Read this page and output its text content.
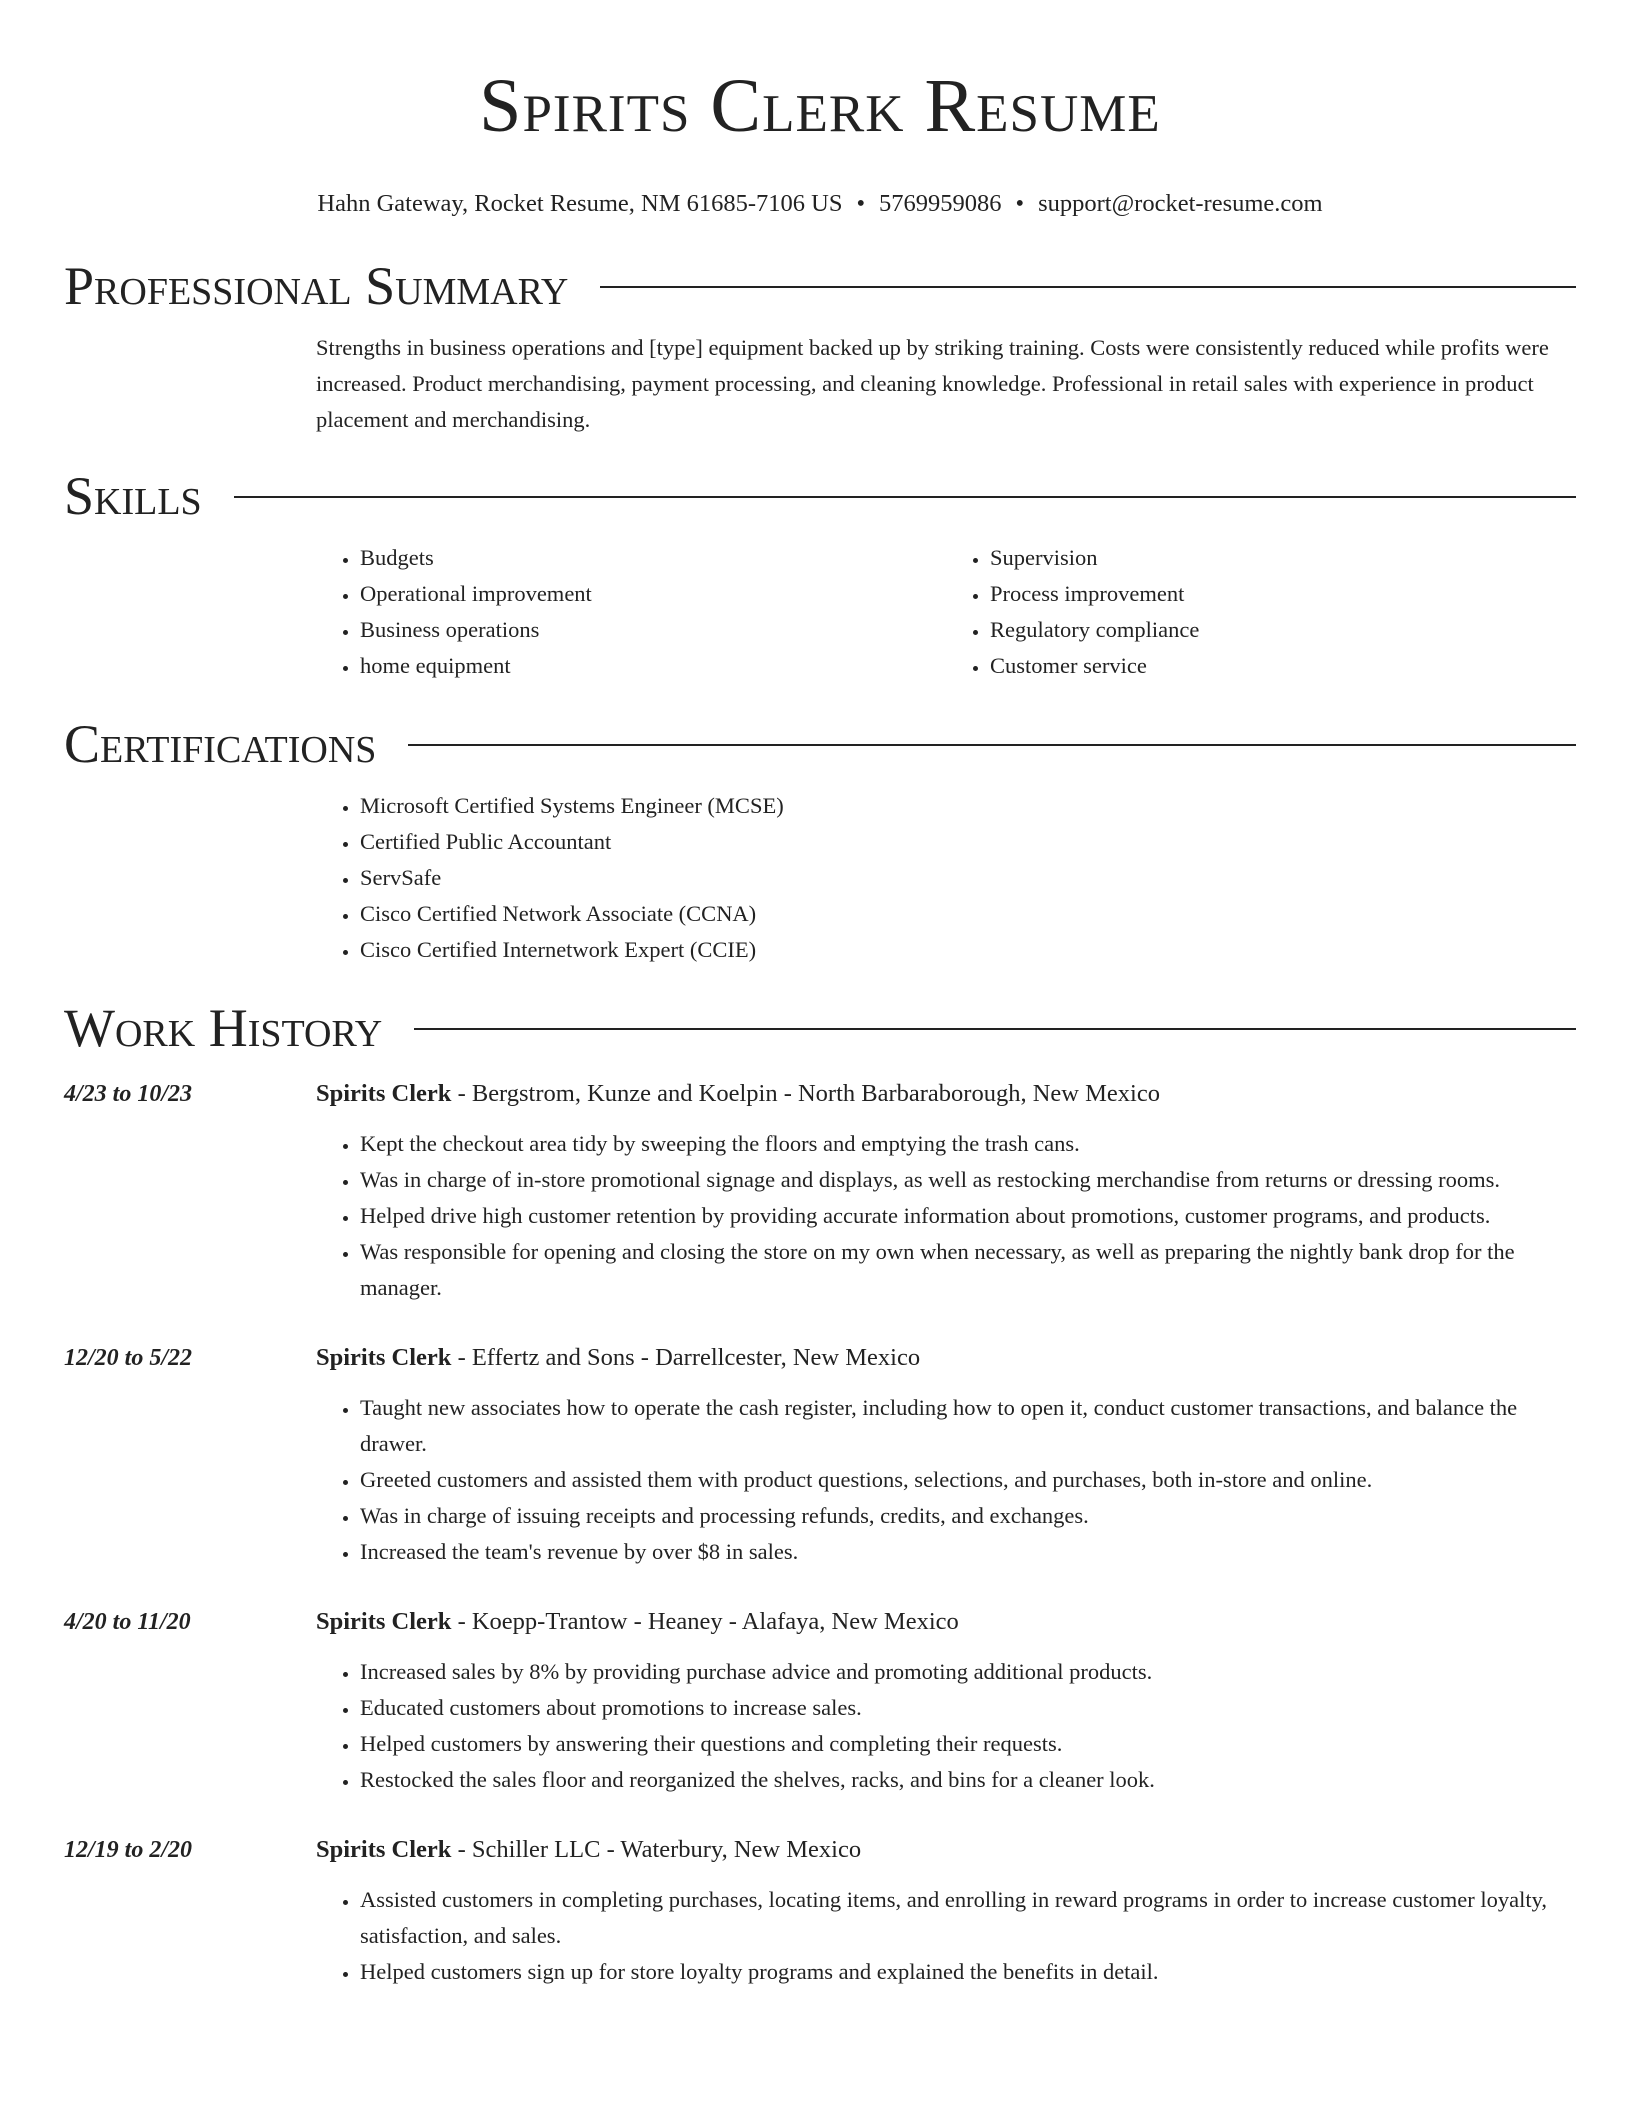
Spirits Clerk Resume
Hahn Gateway, Rocket Resume, NM 61685-7106 US • 5769959086 • support@rocket-resume.com
Professional Summary

Strengths in business operations and [type] equipment backed up by striking training. Costs were consistently reduced while profits were increased. Product merchandising, payment processing, and cleaning knowledge. Professional in retail sales with experience in product placement and merchandising.

Skills
• Budgets
• Operational improvement
• Business operations
• home equipment
• Supervision
• Process improvement
• Regulatory compliance
• Customer service
Certifications
• Microsoft Certified Systems Engineer (MCSE)
• Certified Public Accountant
• ServSafe
• Cisco Certified Network Associate (CCNA)
• Cisco Certified Internetwork Expert (CCIE)
Work History
4/23 to 10/23	Spirits Clerk - Bergstrom, Kunze and Koelpin - North Barbaraborough, New Mexico
• Kept the checkout area tidy by sweeping the floors and emptying the trash cans.
• Was in charge of in-store promotional signage and displays, as well as restocking merchandise from returns or dressing rooms.
• Helped drive high customer retention by providing accurate information about promotions, customer programs, and products.
• Was responsible for opening and closing the store on my own when necessary, as well as preparing the nightly bank drop for the manager.
12/20 to 5/22	Spirits Clerk - Effertz and Sons - Darrellcester, New Mexico
• Taught new associates how to operate the cash register, including how to open it, conduct customer transactions, and balance the drawer.
• Greeted customers and assisted them with product questions, selections, and purchases, both in-store and online.
• Was in charge of issuing receipts and processing refunds, credits, and exchanges.
• Increased the team's revenue by over $8 in sales.
4/20 to 11/20	Spirits Clerk - Koepp-Trantow - Heaney - Alafaya, New Mexico
• Increased sales by 8% by providing purchase advice and promoting additional products.
• Educated customers about promotions to increase sales.
• Helped customers by answering their questions and completing their requests.
• Restocked the sales floor and reorganized the shelves, racks, and bins for a cleaner look.
12/19 to 2/20	Spirits Clerk - Schiller LLC - Waterbury, New Mexico
• Assisted customers in completing purchases, locating items, and enrolling in reward programs in order to increase customer loyalty, satisfaction, and sales.
• Helped customers sign up for store loyalty programs and explained the benefits in detail.
